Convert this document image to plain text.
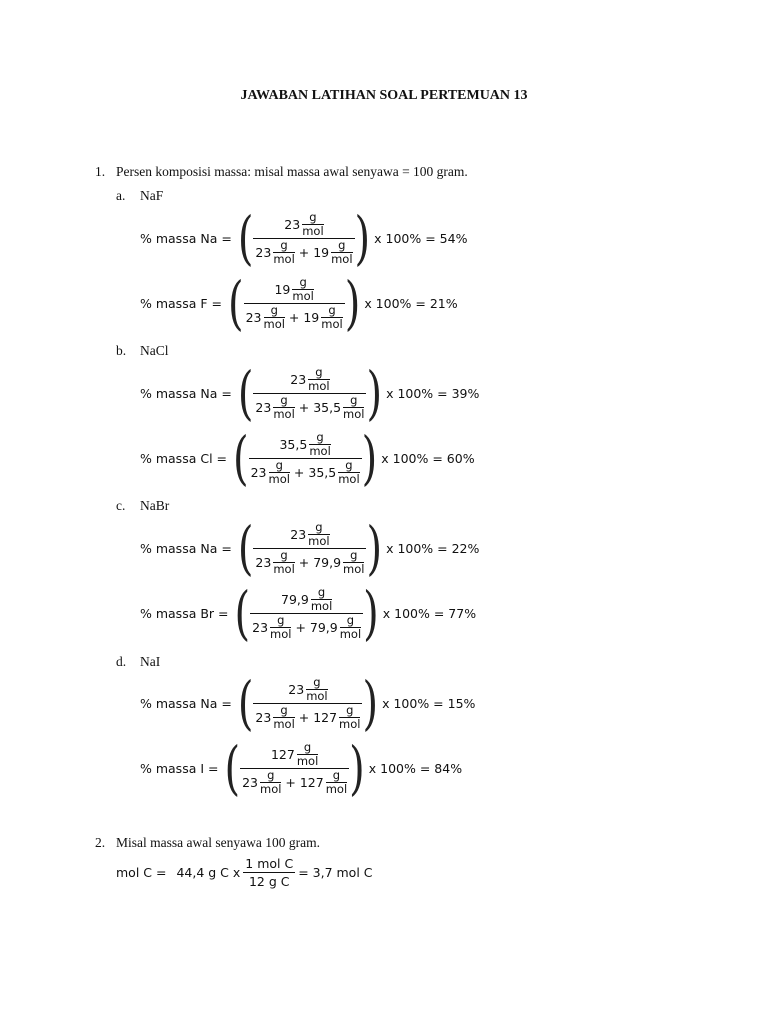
JAWABAN LATIHAN SOAL PERTEMUAN 13
1. Persen komposisi massa: misal massa awal senyawa = 100 gram.
a. NaF
% massa Na = ( 23 g
mol
23 g
mol + 19 g
mol ) x 100% = 54%
% massa F = ( 19 g
mol
23 g
mol + 19 g
mol ) x 100% = 21%
b. NaCl
% massa Na = ( 23 g
mol
23 g
mol + 35,5 g
mol ) x 100% = 39%
% massa Cl = ( 35,5 g
mol
23 g
mol + 35,5 g
mol ) x 100% = 60%
c. NaBr
% massa Na = ( 23 g
mol
23 g
mol + 79,9 g
mol ) x 100% = 22%
% massa Br = ( 79,9 g
mol
23 g
mol + 79,9 g
mol ) x 100% = 77%
d. NaI
% massa Na = ( 23 g
mol
23 g
mol + 127 g
mol ) x 100% = 15%
% massa I = ( 127 g
mol
23 g
mol + 127 g
mol ) x 100% = 84%
2. Misal massa awal senyawa 100 gram.
mol C = 44,4 g C x $\frac{\text{1 mol C}}{\text{12 g C}} = 3,7$ mol C
